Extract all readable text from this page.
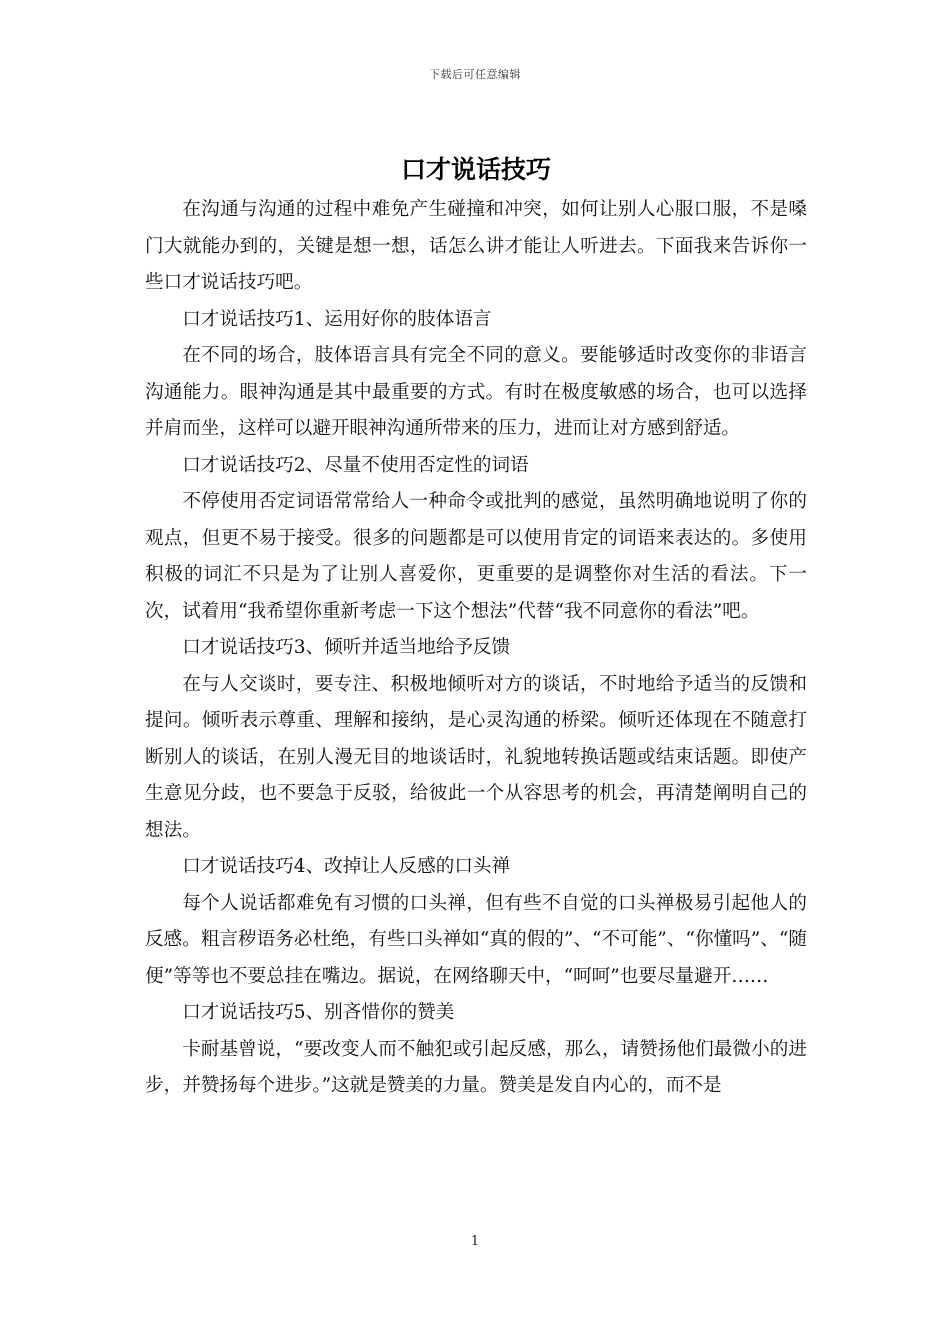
下载后可任意编辑
口才说话技巧

在沟通与沟通的过程中难免产生碰撞和冲突，如何让别人心服口服，不是嗓门大就能办到的，关键是想一想，话怎么讲才能让人听进去。下面我来告诉你一些口才说话技巧吧。

口才说话技巧1、运用好你的肢体语言

在不同的场合，肢体语言具有完全不同的意义。要能够适时改变你的非语言沟通能力。眼神沟通是其中最重要的方式。有时在极度敏感的场合，也可以选择并肩而坐，这样可以避开眼神沟通所带来的压力，进而让对方感到舒适。

口才说话技巧2、尽量不使用否定性的词语

不停使用否定词语常常给人一种命令或批判的感觉，虽然明确地说明了你的观点，但更不易于接受。很多的问题都是可以使用肯定的词语来表达的。多使用积极的词汇不只是为了让别人喜爱你，更重要的是调整你对生活的看法。下一次，试着用“我希望你重新考虑一下这个想法”代替“我不同意你的看法”吧。

口才说话技巧3、倾听并适当地给予反馈

在与人交谈时，要专注、积极地倾听对方的谈话，不时地给予适当的反馈和提问。倾听表示尊重、理解和接纳，是心灵沟通的桥梁。倾听还体现在不随意打断别人的谈话，在别人漫无目的地谈话时，礼貌地转换话题或结束话题。即使产生意见分歧，也不要急于反驳，给彼此一个从容思考的机会，再清楚阐明自己的想法。

口才说话技巧4、改掉让人反感的口头禅

每个人说话都难免有习惯的口头禅，但有些不自觉的口头禅极易引起他人的反感。粗言秽语务必杜绝，有些口头禅如“真的假的”、“不可能”、“你懂吗”、“随便”等等也不要总挂在嘴边。据说，在网络聊天中，“呵呵”也要尽量避开……

口才说话技巧5、别吝惜你的赞美

卡耐基曾说，“要改变人而不触犯或引起反感，那么，请赞扬他们最微小的进步，并赞扬每个进步。”这就是赞美的力量。赞美是发自内心的，而不是

1
